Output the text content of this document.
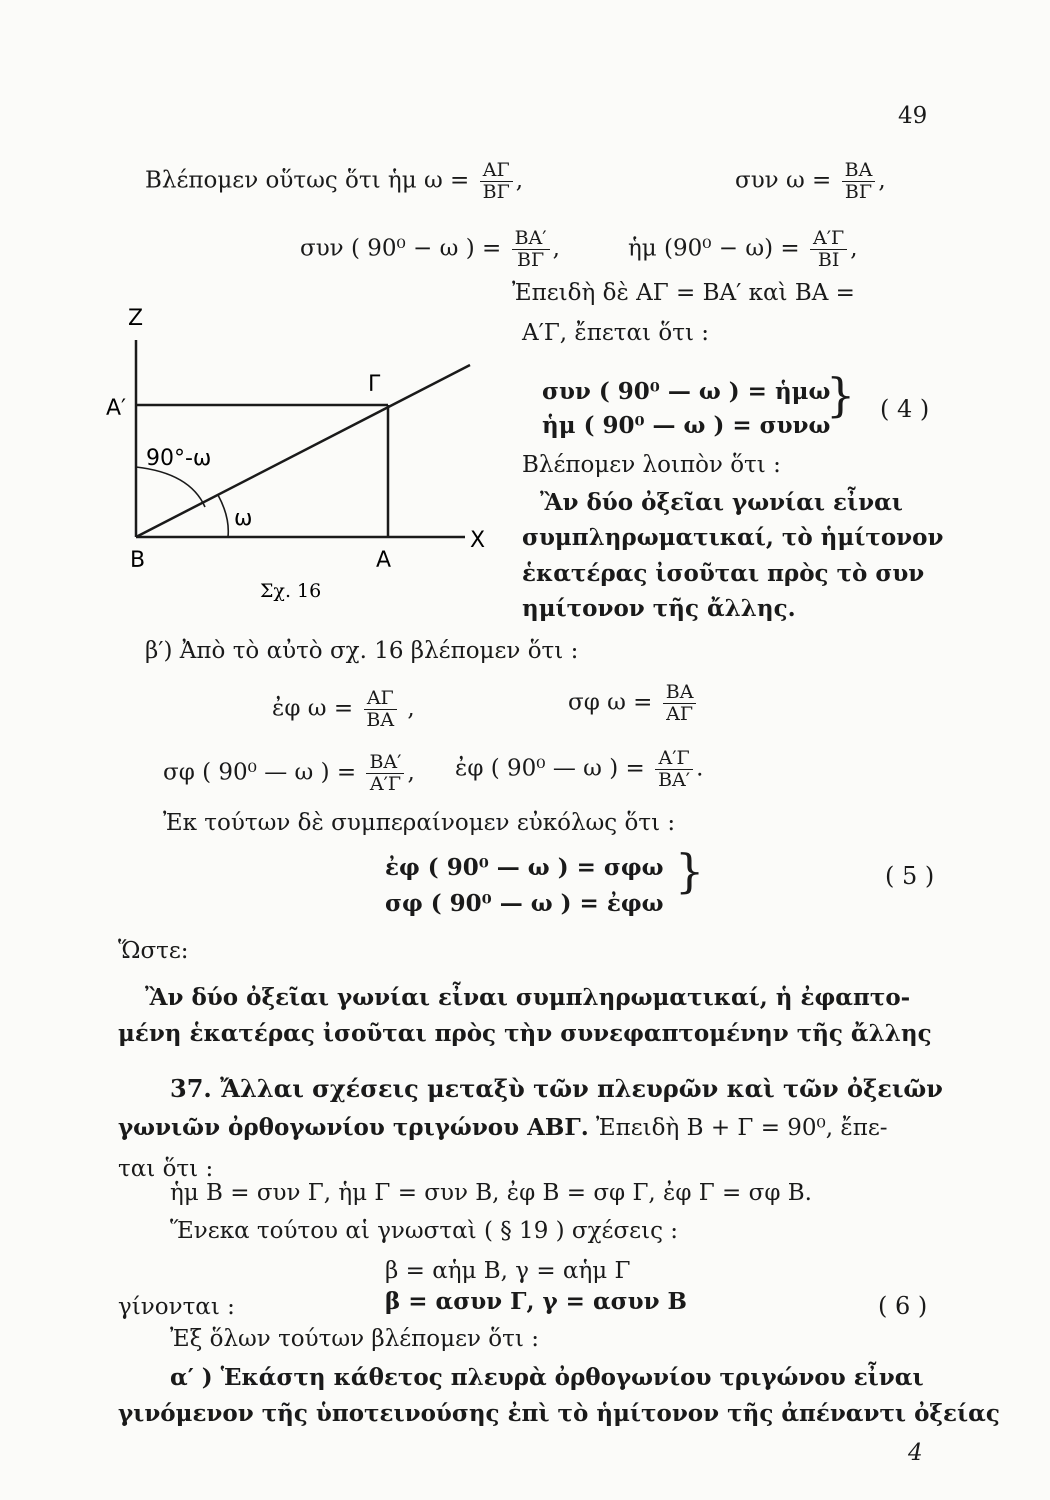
49
Βλέπομεν οὕτως ὅτι ἡμ $\omega = \frac{A\Gamma}{B\Gamma}$ ,	συν $\omega = \frac{BA}{B\Gamma}$ ,
συν ( 90⁰ − ω ) = $\frac{BA'}{B\Gamma}$ ,	ἡμ $(90^0 - \omega) = \frac{A'\Gamma}{BI}$ ,
Ἐπειδὴ δὲ ΑΓ = ΒΑ′ καὶ ΒΑ =
Α′Γ, ἔπεται ὅτι :
συν ( 90⁰ — ω ) = ἡμω
ἡμ ( 90⁰ — ω ) = συνω
} ( 4 )
Βλέπομεν λοιπὸν ὅτι :
Ἂν δύο ὀξεῖαι γωνίαι εἶναι
συμπληρωματικαί, τὸ ἡμίτονον
ἑκατέρας ἰσοῦται πρὸς τὸ συν
ημίτονον τῆς ἄλλης.
Z
Α′
Γ
90°-ω
ω
Β	Α
X
Σχ. 16
β′) Ἀπὸ τὸ αὐτὸ σχ. 16 βλέπομεν ὅτι :
ἐφ $\omega = \frac{A\Gamma}{BA}$ ,	σφ $\omega = \frac{BA}{A\Gamma}$
σφ ( 90⁰ — ω ) = $\frac{BA'}{A'\Gamma}$ , ἐφ ( 90⁰ — ω ) = $\frac{A'\Gamma}{BA'}$ .
Ἐκ τούτων δὲ συμπεραίνομεν εὐκόλως ὅτι :
ἐφ ( 90⁰ — ω ) = σφω
σφ ( 90⁰ — ω ) = ἐφω
}	( 5 )
Ὥστε:
Ἂν δύο ὀξεῖαι γωνίαι εἶναι συμπληρωματικαί, ἡ ἐφαπτο-
μένη ἑκατέρας ἰσοῦται πρὸς τὴν συνεφαπτομένην τῆς ἄλλης
37. Ἄλλαι σχέσεις μεταξὺ τῶν πλευρῶν καὶ τῶν ὀξειῶν
γωνιῶν ὀρθογωνίου τριγώνου ΑΒΓ. Ἐπειδὴ Β + Γ = 90⁰, ἔπε-
ται ὅτι :
ἡμ Β = συν Γ, ἡμ Γ = συν Β, ἐφ Β = σφ Γ, ἐφ Γ = σφ Β.
Ἕνεκα τούτου αἱ γνωσταὶ ( § 19 ) σχέσεις :
β = αἡμ Β, γ = αἡμ Γ
γίνονται :	β = ασυν Γ, γ = ασυν Β	( 6 )
Ἐξ ὅλων τούτων βλέπομεν ὅτι :
α′ ) Ἑκάστη κάθετος πλευρὰ ὀρθογωνίου τριγώνου εἶναι
γινόμενον τῆς ὑποτεινούσης ἐπὶ τὸ ἡμίτονον τῆς ἀπέναντι ὀξείας
4
